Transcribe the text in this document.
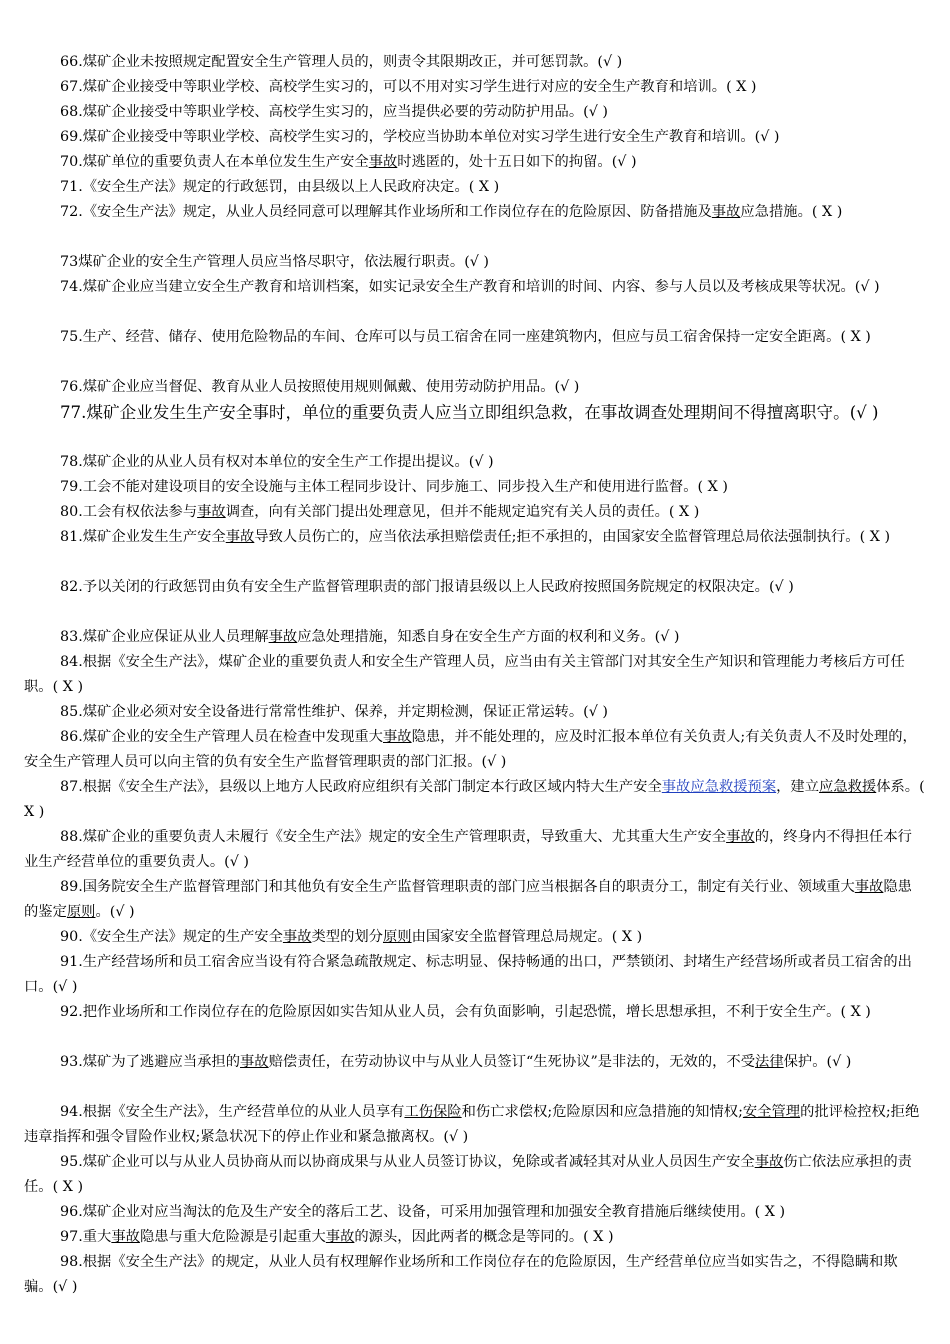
66.煤矿企业未按照规定配置安全生产管理人员的，则责令其限期改正，并可惩罚款。(√ )
67.煤矿企业接受中等职业学校、高校学生实习的，可以不用对实习学生进行对应的安全生产教育和培训。( X )
68.煤矿企业接受中等职业学校、高校学生实习的，应当提供必要的劳动防护用品。(√ )
69.煤矿企业接受中等职业学校、高校学生实习的，学校应当协助本单位对实习学生进行安全生产教育和培训。(√ )
70.煤矿单位的重要负责人在本单位发生生产安全事故时逃匿的，处十五日如下的拘留。(√ )
71.《安全生产法》规定的行政惩罚，由县级以上人民政府决定。( X )
72.《安全生产法》规定，从业人员经同意可以理解其作业场所和工作岗位存在的危险原因、防备措施及事故应急措施。( X )
73煤矿企业的安全生产管理人员应当恪尽职守，依法履行职责。(√ )
74.煤矿企业应当建立安全生产教育和培训档案，如实记录安全生产教育和培训的时间、内容、参与人员以及考核成果等状况。(√ )
75.生产、经营、储存、使用危险物品的车间、仓库可以与员工宿舍在同一座建筑物内，但应与员工宿舍保持一定安全距离。( X )
76.煤矿企业应当督促、教育从业人员按照使用规则佩戴、使用劳动防护用品。(√ )
77.煤矿企业发生生产安全事时，单位的重要负责人应当立即组织急救，在事故调查处理期间不得擅离职守。(√ )
78.煤矿企业的从业人员有权对本单位的安全生产工作提出提议。(√ )
79.工会不能对建设项目的安全设施与主体工程同步设计、同步施工、同步投入生产和使用进行监督。( X )
80.工会有权依法参与事故调查，向有关部门提出处理意见，但并不能规定追究有关人员的责任。( X )
81.煤矿企业发生生产安全事故导致人员伤亡的，应当依法承担赔偿责任;拒不承担的，由国家安全监督管理总局依法强制执行。( X )
82.予以关闭的行政惩罚由负有安全生产监督管理职责的部门报请县级以上人民政府按照国务院规定的权限决定。(√ )
83.煤矿企业应保证从业人员理解事故应急处理措施，知悉自身在安全生产方面的权利和义务。(√ )
84.根据《安全生产法》，煤矿企业的重要负责人和安全生产管理人员，应当由有关主管部门对其安全生产知识和管理能力考核后方可任职。( X )
85.煤矿企业必须对安全设备进行常常性维护、保养，并定期检测，保证正常运转。(√ )
86.煤矿企业的安全生产管理人员在检查中发现重大事故隐患，并不能处理的，应及时汇报本单位有关负责人;有关负责人不及时处理的，安全生产管理人员可以向主管的负有安全生产监督管理职责的部门汇报。(√ )
87.根据《安全生产法》，县级以上地方人民政府应组织有关部门制定本行政区域内特大生产安全事故应急救援预案，建立应急救援体系。( X )
88.煤矿企业的重要负责人未履行《安全生产法》规定的安全生产管理职责，导致重大、尤其重大生产安全事故的，终身内不得担任本行业生产经营单位的重要负责人。(√ )
89.国务院安全生产监督管理部门和其他负有安全生产监督管理职责的部门应当根据各自的职责分工，制定有关行业、领域重大事故隐患的鉴定原则。(√ )
90.《安全生产法》规定的生产安全事故类型的划分原则由国家安全监督管理总局规定。( X )
91.生产经营场所和员工宿舍应当设有符合紧急疏散规定、标志明显、保持畅通的出口，严禁锁闭、封堵生产经营场所或者员工宿舍的出口。(√ )
92.把作业场所和工作岗位存在的危险原因如实告知从业人员，会有负面影响，引起恐慌，增长思想承担，不利于安全生产。( X )
93.煤矿为了逃避应当承担的事故赔偿责任，在劳动协议中与从业人员签订“生死协议”是非法的，无效的，不受法律保护。(√ )
94.根据《安全生产法》，生产经营单位的从业人员享有工伤保险和伤亡求偿权;危险原因和应急措施的知情权;安全管理的批评检控权;拒绝违章指挥和强令冒险作业权;紧急状况下的停止作业和紧急撤离权。(√ )
95.煤矿企业可以与从业人员协商从而以协商成果与从业人员签订协议，免除或者减轻其对从业人员因生产安全事故伤亡依法应承担的责任。( X )
96.煤矿企业对应当淘汰的危及生产安全的落后工艺、设备，可采用加强管理和加强安全教育措施后继续使用。( X )
97.重大事故隐患与重大危险源是引起重大事故的源头，因此两者的概念是等同的。( X )
98.根据《安全生产法》的规定，从业人员有权理解作业场所和工作岗位存在的危险原因，生产经营单位应当如实告之，不得隐瞒和欺骗。(√ )
